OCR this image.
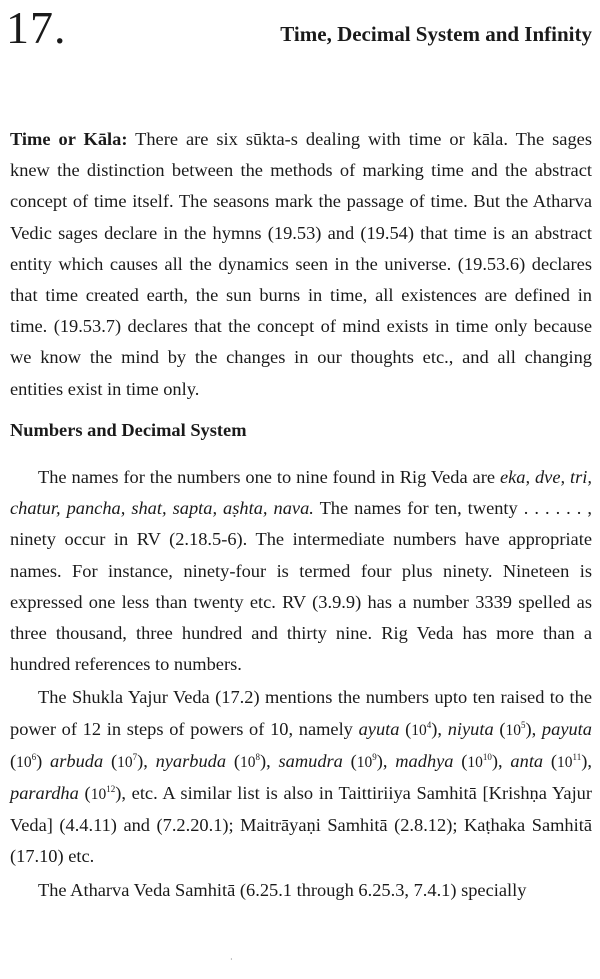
17.	Time, Decimal System and Infinity

Time or Kāla: There are six sūkta-s dealing with time or kāla. The sages knew the distinction between the methods of marking time and the abstract concept of time itself. The seasons mark the passage of time. But the Atharva Vedic sages declare in the hymns (19.53) and (19.54) that time is an abstract entity which causes all the dynamics seen in the universe. (19.53.6) declares that time created earth, the sun burns in time, all existences are defined in time. (19.53.7) declares that the concept of mind exists in time only because we know the mind by the changes in our thoughts etc., and all changing entities exist in time only.

Numbers and Decimal System

The names for the numbers one to nine found in Rig Veda are eka, dve, tri, chatur, pancha, shat, sapta, aṣhta, nava. The names for ten, twenty . . . . . . , ninety occur in RV (2.18.5-6). The intermediate numbers have appropriate names. For instance, ninety-four is termed four plus ninety. Nineteen is expressed one less than twenty etc. RV (3.9.9) has a number 3339 spelled as three thousand, three hundred and thirty nine. Rig Veda has more than a hundred references to numbers.

The Shukla Yajur Veda (17.2) mentions the numbers upto ten raised to the power of 12 in steps of powers of 10, namely ayuta $(10^4)$, niyuta $(10^5)$, payuta $(10^6)$ arbuda $(10^7)$, nyarbuda $(10^8)$, samudra $(10^9)$, madhya $(10^{10})$, anta $(10^{11})$, parardha $(10^{12})$, etc. A similar list is also in Taittiriiya Samhitā [Krishṇa Yajur Veda] (4.4.11) and (7.2.20.1); Maitrāyaṇi Samhitā (2.8.12); Kaṭhaka Samhitā (17.10) etc.

The Atharva Veda Samhitā (6.25.1 through 6.25.3, 7.4.1) specially

·
